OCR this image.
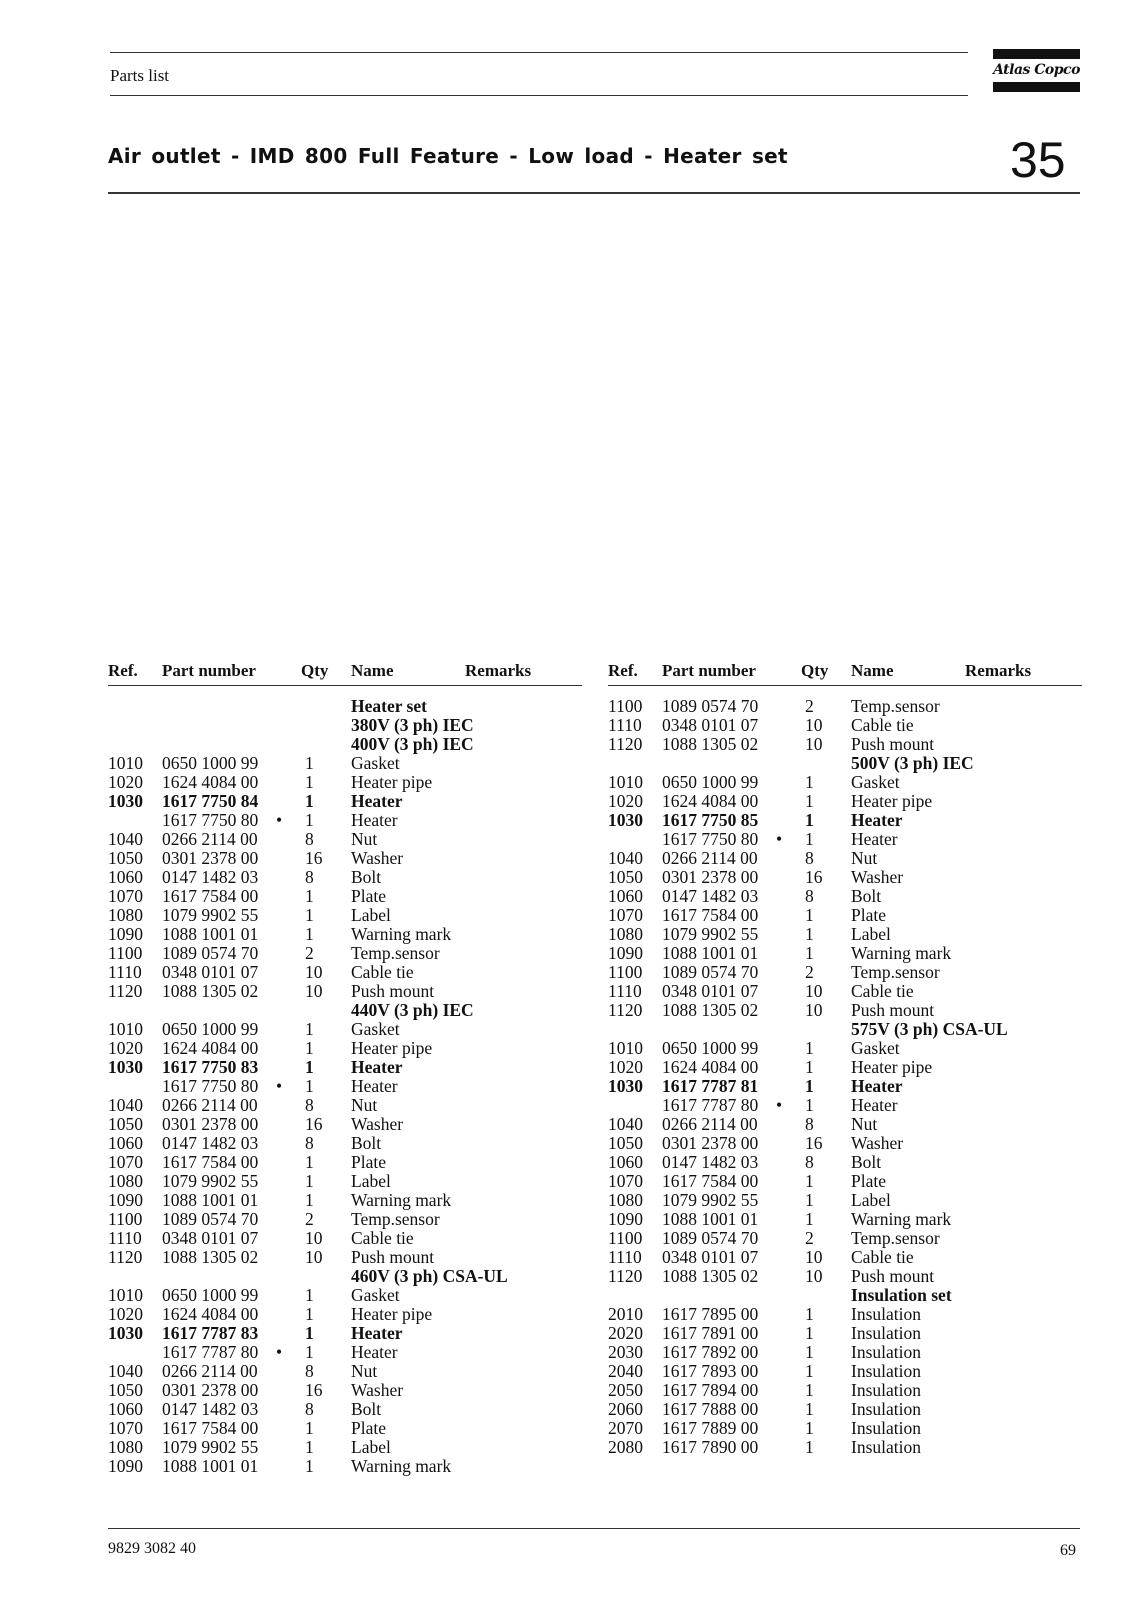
Parts list	Atlas Copco
Air outlet - IMD 800 Full Feature - Low load - Heater set	35
Ref. Part number	Qty Name	Remarks
Heater set
380V (3 ph) IEC
400V (3 ph) IEC
1010 0650 1000 99	1 Gasket
1020 1624 4084 00	1 Heater pipe
1030 1617 7750 84	1 Heater
1617 7750 80 • 1 Heater
1040 0266 2114 00	8 Nut
1050 0301 2378 00	16 Washer
1060 0147 1482 03	8 Bolt
1070 1617 7584 00	1 Plate
1080 1079 9902 55	1 Label
1090 1088 1001 01	1 Warning mark
1100 1089 0574 70	2 Temp.sensor
1110 0348 0101 07	10 Cable tie
1120 1088 1305 02	10 Push mount
440V (3 ph) IEC
1010 0650 1000 99	1 Gasket
1020 1624 4084 00	1 Heater pipe
1030 1617 7750 83	1 Heater
1617 7750 80 • 1 Heater
1040 0266 2114 00	8 Nut
1050 0301 2378 00	16 Washer
1060 0147 1482 03	8 Bolt
1070 1617 7584 00	1 Plate
1080 1079 9902 55	1 Label
1090 1088 1001 01	1 Warning mark
1100 1089 0574 70	2 Temp.sensor
1110 0348 0101 07	10 Cable tie
1120 1088 1305 02	10 Push mount
460V (3 ph) CSA-UL
1010 0650 1000 99	1 Gasket
1020 1624 4084 00	1 Heater pipe
1030 1617 7787 83	1 Heater
1617 7787 80 • 1 Heater
1040 0266 2114 00	8 Nut
1050 0301 2378 00	16 Washer
1060 0147 1482 03	8 Bolt
1070 1617 7584 00	1 Plate
1080 1079 9902 55	1 Label
1090 1088 1001 01	1 Warning mark
Ref. Part number	Qty Name	Remarks
1100 1089 0574 70	2 Temp.sensor
1110 0348 0101 07	10 Cable tie
1120 1088 1305 02	10 Push mount
500V (3 ph) IEC
1010 0650 1000 99	1 Gasket
1020 1624 4084 00	1 Heater pipe
1030 1617 7750 85	1 Heater
1617 7750 80 • 1 Heater
1040 0266 2114 00	8 Nut
1050 0301 2378 00	16 Washer
1060 0147 1482 03	8 Bolt
1070 1617 7584 00	1 Plate
1080 1079 9902 55	1 Label
1090 1088 1001 01	1 Warning mark
1100 1089 0574 70	2 Temp.sensor
1110 0348 0101 07	10 Cable tie
1120 1088 1305 02	10 Push mount
575V (3 ph) CSA-UL
1010 0650 1000 99	1 Gasket
1020 1624 4084 00	1 Heater pipe
1030 1617 7787 81	1 Heater
1617 7787 80 • 1 Heater
1040 0266 2114 00	8 Nut
1050 0301 2378 00	16 Washer
1060 0147 1482 03	8 Bolt
1070 1617 7584 00	1 Plate
1080 1079 9902 55	1 Label
1090 1088 1001 01	1 Warning mark
1100 1089 0574 70	2 Temp.sensor
1110 0348 0101 07	10 Cable tie
1120 1088 1305 02	10 Push mount
Insulation set
2010 1617 7895 00	1 Insulation
2020 1617 7891 00	1 Insulation
2030 1617 7892 00	1 Insulation
2040 1617 7893 00	1 Insulation
2050 1617 7894 00	1 Insulation
2060 1617 7888 00	1 Insulation
2070 1617 7889 00	1 Insulation
2080 1617 7890 00	1 Insulation
9829 3082 40	69
